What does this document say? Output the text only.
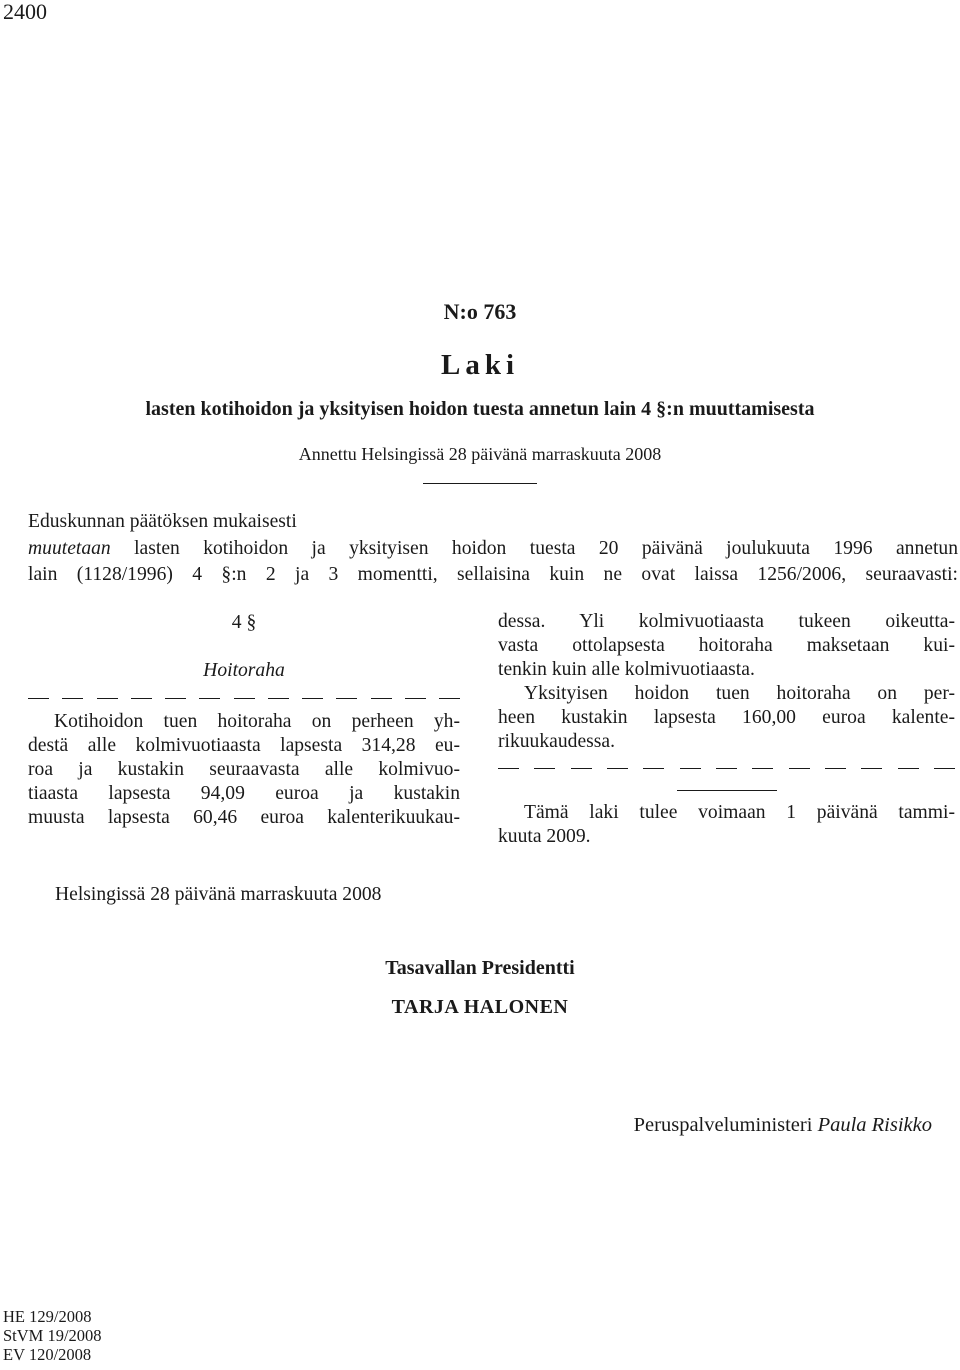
2400
N:o 763
Laki
lasten kotihoidon ja yksityisen hoidon tuesta annetun lain 4 §:n muuttamisesta
Annettu Helsingissä 28 päivänä marraskuuta 2008
Eduskunnan päätöksen mukaisesti
muutetaan lasten kotihoidon ja yksityisen hoidon tuesta 20 päivänä joulukuuta 1996 annetun
lain (1128/1996) 4 §:n 2 ja 3 momentti, sellaisina kuin ne ovat laissa 1256/2006, seuraavasti:
4 §
Hoitoraha
Kotihoidon tuen hoitoraha on perheen yh-
destä alle kolmivuotiaasta lapsesta 314,28 eu-
roa ja kustakin seuraavasta alle kolmivuo-
tiaasta lapsesta 94,09 euroa ja kustakin
muusta lapsesta 60,46 euroa kalenterikuukau-
dessa. Yli kolmivuotiaasta tukeen oikeutta-
vasta ottolapsesta hoitoraha maksetaan kui-
tenkin kuin alle kolmivuotiaasta.
Yksityisen hoidon tuen hoitoraha on per-
heen kustakin lapsesta 160,00 euroa kalente-
rikuukaudessa.
Tämä laki tulee voimaan 1 päivänä tammi-
kuuta 2009.
Helsingissä 28 päivänä marraskuuta 2008
Tasavallan Presidentti
TARJA HALONEN
Peruspalveluministeri Paula Risikko
HE 129/2008
StVM 19/2008
EV 120/2008
